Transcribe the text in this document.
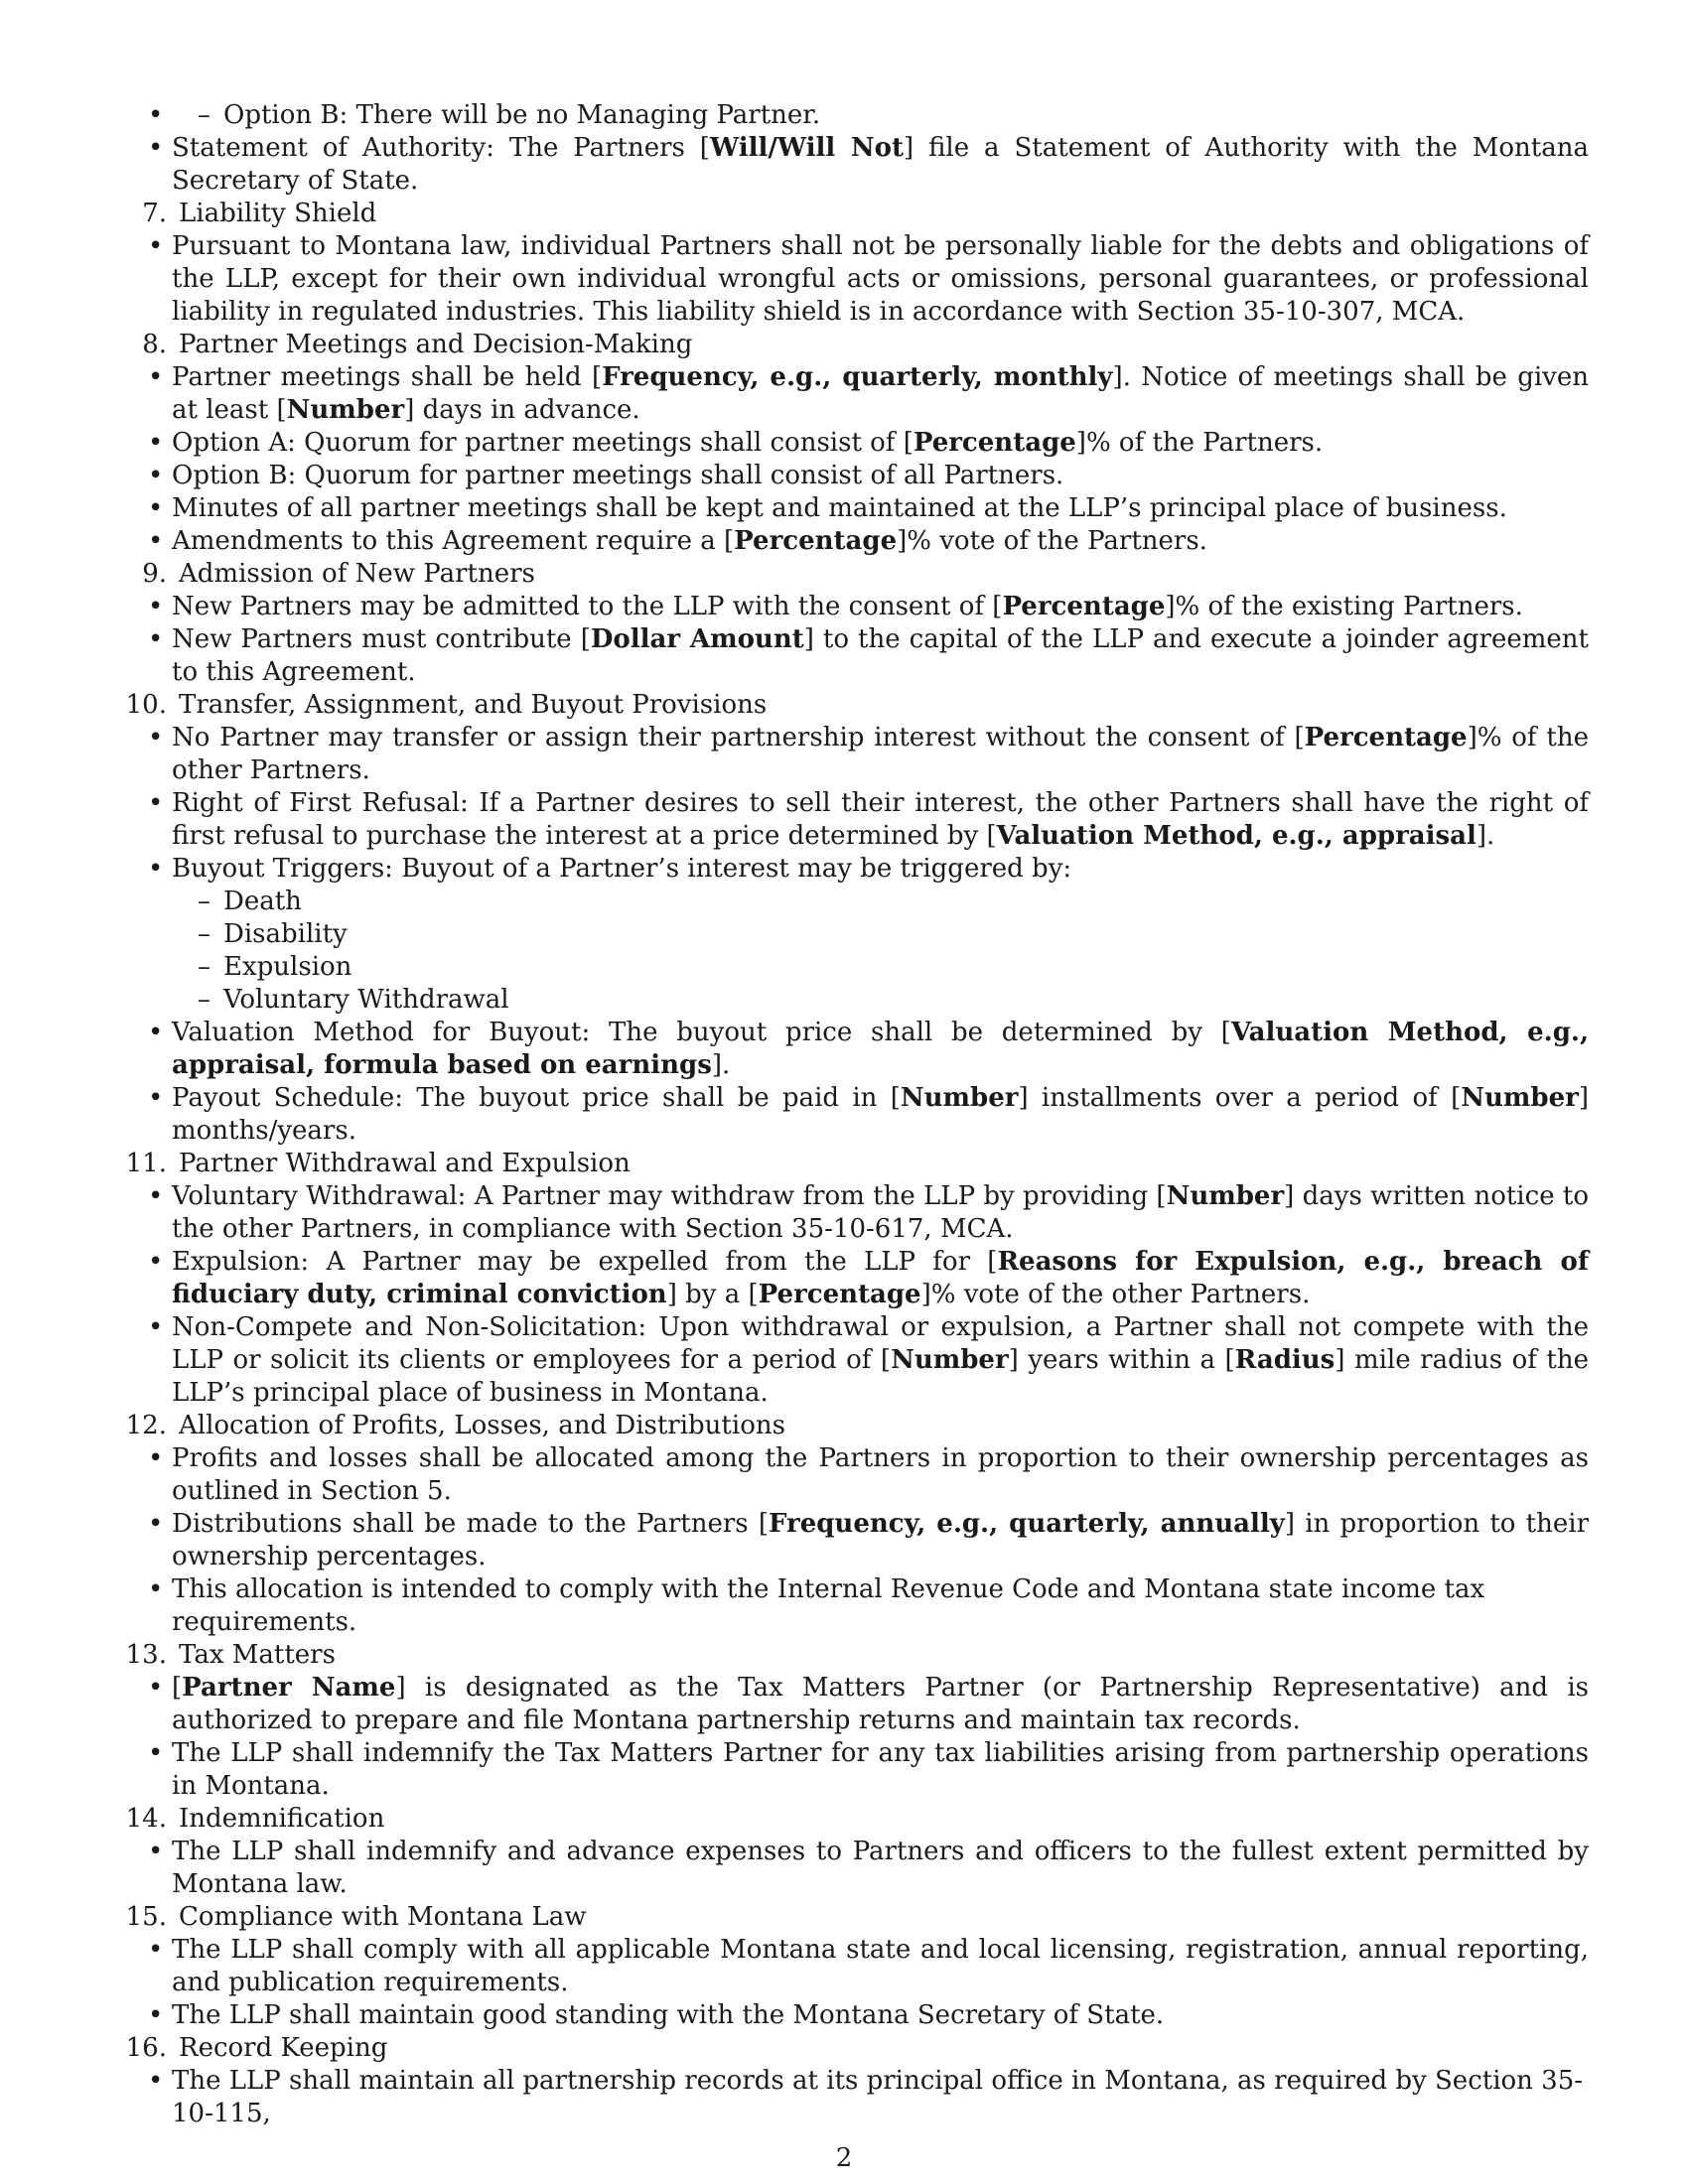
– • Option B: There will be no Managing Partner.
• Statement of Authority: The Partners [Will/Will Not] file a Statement of Authority with the Montana Secretary of State.
7. Liability Shield
• Pursuant to Montana law, individual Partners shall not be personally liable for the debts and obligations of the LLP, except for their own individual wrongful acts or omissions, personal guarantees, or professional liability in regulated industries. This liability shield is in accordance with Section 35-10-307, MCA.
8. Partner Meetings and Decision-Making
• Partner meetings shall be held [Frequency, e.g., quarterly, monthly]. Notice of meetings shall be given at least [Number] days in advance.
• Option A: Quorum for partner meetings shall consist of [Percentage]% of the Partners.
• Option B: Quorum for partner meetings shall consist of all Partners.
• Minutes of all partner meetings shall be kept and maintained at the LLP’s principal place of business.
• Amendments to this Agreement require a [Percentage]% vote of the Partners.
9. Admission of New Partners
• New Partners may be admitted to the LLP with the consent of [Percentage]% of the existing Partners.
• New Partners must contribute [Dollar Amount] to the capital of the LLP and execute a joinder agreement to this Agreement.
10. Transfer, Assignment, and Buyout Provisions
• No Partner may transfer or assign their partnership interest without the consent of [Percentage]% of the other Partners.
• Right of First Refusal: If a Partner desires to sell their interest, the other Partners shall have the right of first refusal to purchase the interest at a price determined by [Valuation Method, e.g., appraisal].
• Buyout Triggers: Buyout of a Partner’s interest may be triggered by:
– Death
– Disability
– Expulsion
– Voluntary Withdrawal
• Valuation Method for Buyout: The buyout price shall be determined by [Valuation Method, e.g., appraisal, formula based on earnings].
• Payout Schedule: The buyout price shall be paid in [Number] installments over a period of [Number] months/years.
11. Partner Withdrawal and Expulsion
• Voluntary Withdrawal: A Partner may withdraw from the LLP by providing [Number] days written notice to the other Partners, in compliance with Section 35-10-617, MCA.
• Expulsion: A Partner may be expelled from the LLP for [Reasons for Expulsion, e.g., breach of fiduciary duty, criminal conviction] by a [Percentage]% vote of the other Partners.
• Non-Compete and Non-Solicitation: Upon withdrawal or expulsion, a Partner shall not compete with the LLP or solicit its clients or employees for a period of [Number] years within a [Radius] mile radius of the LLP’s principal place of business in Montana.
12. Allocation of Profits, Losses, and Distributions
• Profits and losses shall be allocated among the Partners in proportion to their ownership percentages as outlined in Section 5.
• Distributions shall be made to the Partners [Frequency, e.g., quarterly, annually] in proportion to their ownership percentages.
• This allocation is intended to comply with the Internal Revenue Code and Montana state income tax requirements.
13. Tax Matters
• [Partner Name] is designated as the Tax Matters Partner (or Partnership Representative) and is authorized to prepare and file Montana partnership returns and maintain tax records.
• The LLP shall indemnify the Tax Matters Partner for any tax liabilities arising from partnership operations in Montana.
14. Indemnification
• The LLP shall indemnify and advance expenses to Partners and officers to the fullest extent permitted by Montana law.
15. Compliance with Montana Law
• The LLP shall comply with all applicable Montana state and local licensing, registration, annual reporting, and publication requirements.
• The LLP shall maintain good standing with the Montana Secretary of State.
16. Record Keeping
• The LLP shall maintain all partnership records at its principal office in Montana, as required by Section 35-10-115,
2
